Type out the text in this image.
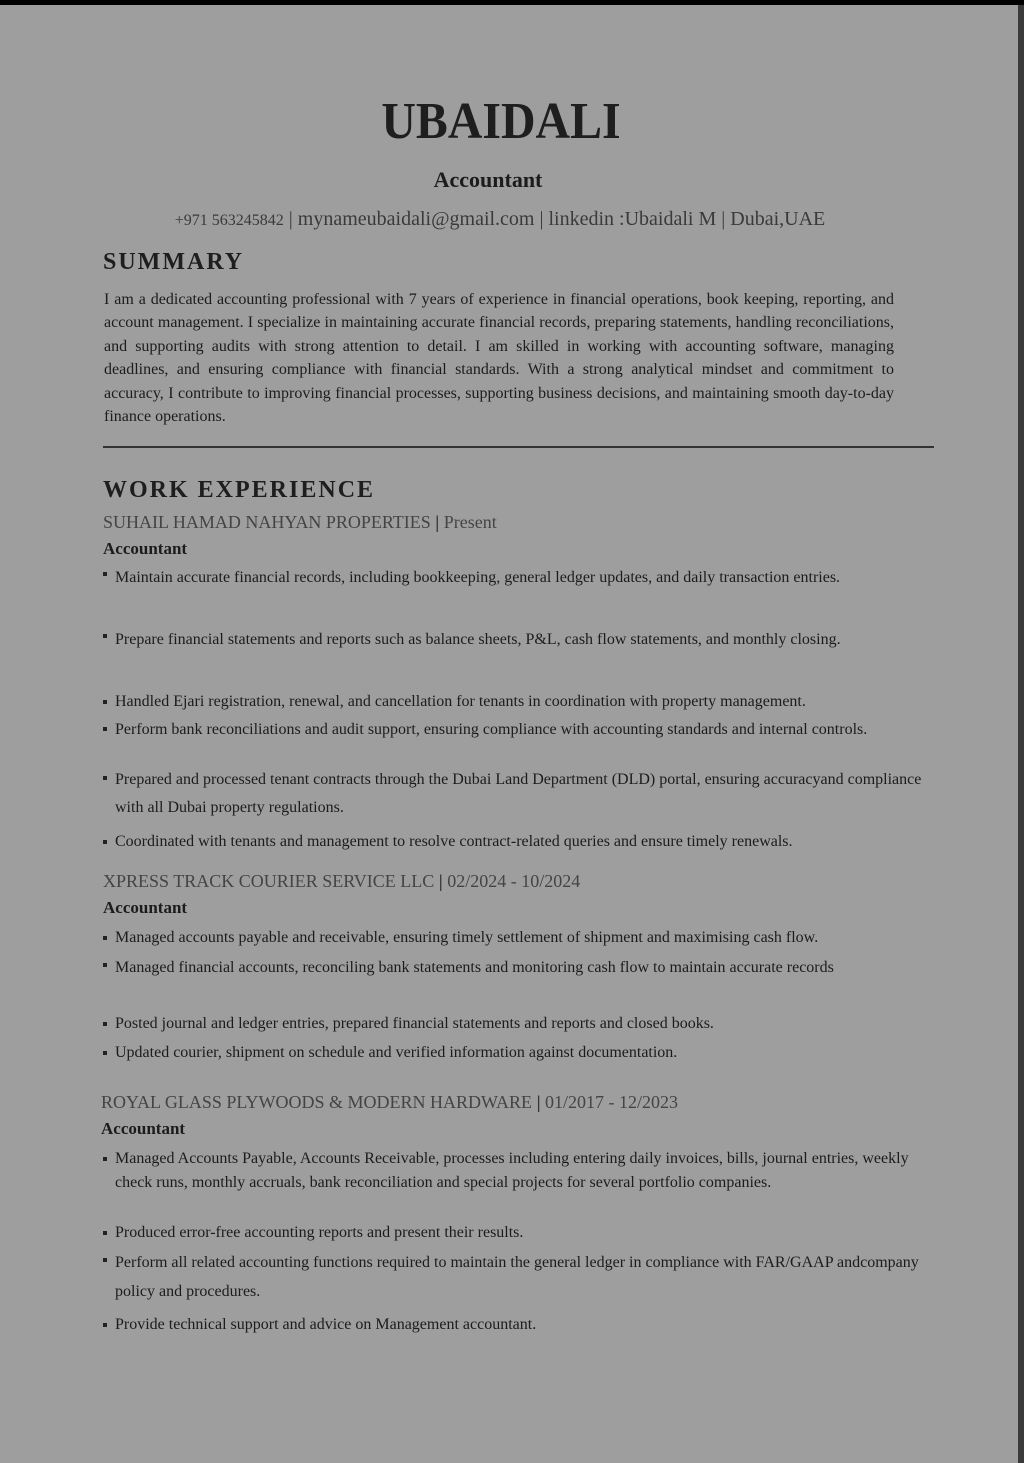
UBAIDALI
Accountant
+971 563245842 | mynameubaidali@gmail.com | linkedin :Ubaidali M | Dubai,UAE
SUMMARY
I am a dedicated accounting professional with 7 years of experience in financial operations, book keeping, reporting, and account management. I specialize in maintaining accurate financial records, preparing statements, handling reconciliations, and supporting audits with strong attention to detail. I am skilled in working with accounting software, managing deadlines, and ensuring compliance with financial standards. With a strong analytical mindset and commitment to accuracy, I contribute to improving financial processes, supporting business decisions, and maintaining smooth day-to-day finance operations.
WORK EXPERIENCE
SUHAIL HAMAD NAHYAN PROPERTIES | Present
Accountant
Maintain accurate financial records, including bookkeeping, general ledger updates, and daily transaction entries.
Prepare financial statements and reports such as balance sheets, P&L, cash flow statements, and monthly closing.
Handled Ejari registration, renewal, and cancellation for tenants in coordination with property management.
Perform bank reconciliations and audit support, ensuring compliance with accounting standards and internal controls.
Prepared and processed tenant contracts through the Dubai Land Department (DLD) portal, ensuring accuracyand compliance with all Dubai property regulations.
Coordinated with tenants and management to resolve contract-related queries and ensure timely renewals.
XPRESS TRACK COURIER SERVICE LLC | 02/2024 - 10/2024
Accountant
Managed accounts payable and receivable, ensuring timely settlement of shipment and maximising cash flow.
Managed financial accounts, reconciling bank statements and monitoring cash flow to maintain accurate records
Posted journal and ledger entries, prepared financial statements and reports and closed books.
Updated courier, shipment on schedule and verified information against documentation.
ROYAL GLASS PLYWOODS & MODERN HARDWARE | 01/2017 - 12/2023
Accountant
Managed Accounts Payable, Accounts Receivable, processes including entering daily invoices, bills, journal entries, weekly check runs, monthly accruals, bank reconciliation and special projects for several portfolio companies.
Produced error-free accounting reports and present their results.
Perform all related accounting functions required to maintain the general ledger in compliance with FAR/GAAP andcompany policy and procedures.
Provide technical support and advice on Management accountant.
